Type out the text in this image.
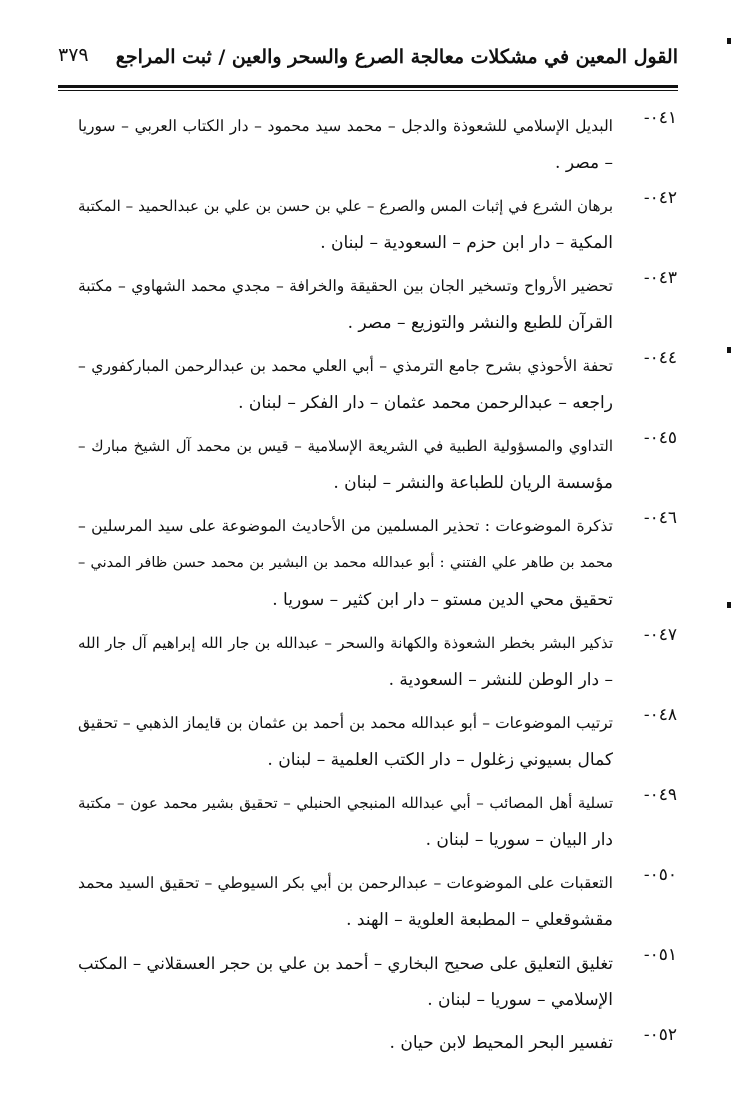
القول المعين في مشكلات معالجة الصرع والسحر والعين / ثبت المراجع
٣٧٩
٠٤١-
البديل الإسلامي للشعوذة والدجل – محمد سيد محمود – دار الكتاب العربي – سوريا
– مصر .
٠٤٢-
برهان الشرع في إثبات المس والصرع – علي بن حسن بن علي بن عبدالحميد – المكتبة
المكية – دار ابن حزم – السعودية – لبنان .
٠٤٣-
تحضير الأرواح وتسخير الجان بين الحقيقة والخرافة – مجدي محمد الشهاوي – مكتبة
القرآن للطبع والنشر والتوزيع – مصر .
٠٤٤-
تحفة الأحوذي بشرح جامع الترمذي – أبي العلي محمد بن عبدالرحمن المباركفوري –
راجعه – عبدالرحمن محمد عثمان – دار الفكر – لبنان .
٠٤٥-
التداوي والمسؤولية الطبية في الشريعة الإسلامية – قيس بن محمد آل الشيخ مبارك –
مؤسسة الريان للطباعة والنشر – لبنان .
٠٤٦-
تذكرة الموضوعات : تحذير المسلمين من الأحاديث الموضوعة على سيد المرسلين –
محمد بن طاهر علي الفتني : أبو عبدالله محمد بن البشير بن محمد حسن ظافر المدني –
تحقيق محي الدين مستو – دار ابن كثير – سوريا .
٠٤٧-
تذكير البشر بخطر الشعوذة والكهانة والسحر – عبدالله بن جار الله إبراهيم آل جار الله
– دار الوطن للنشر – السعودية .
٠٤٨-
ترتيب الموضوعات – أبو عبدالله محمد بن أحمد بن عثمان بن قايماز الذهبي – تحقيق
كمال بسيوني زغلول – دار الكتب العلمية – لبنان .
٠٤٩-
تسلية أهل المصائب – أبي عبدالله المنبجي الحنبلي – تحقيق بشير محمد عون – مكتبة
دار البيان – سوريا – لبنان .
٠٥٠-
التعقبات على الموضوعات – عبدالرحمن بن أبي بكر السيوطي – تحقيق السيد محمد
مقشوقعلي – المطبعة العلوية – الهند .
٠٥١-
تغليق التعليق على صحيح البخاري – أحمد بن علي بن حجر العسقلاني – المكتب
الإسلامي – سوريا – لبنان .
٠٥٢-
تفسير البحر المحيط لابن حيان .
